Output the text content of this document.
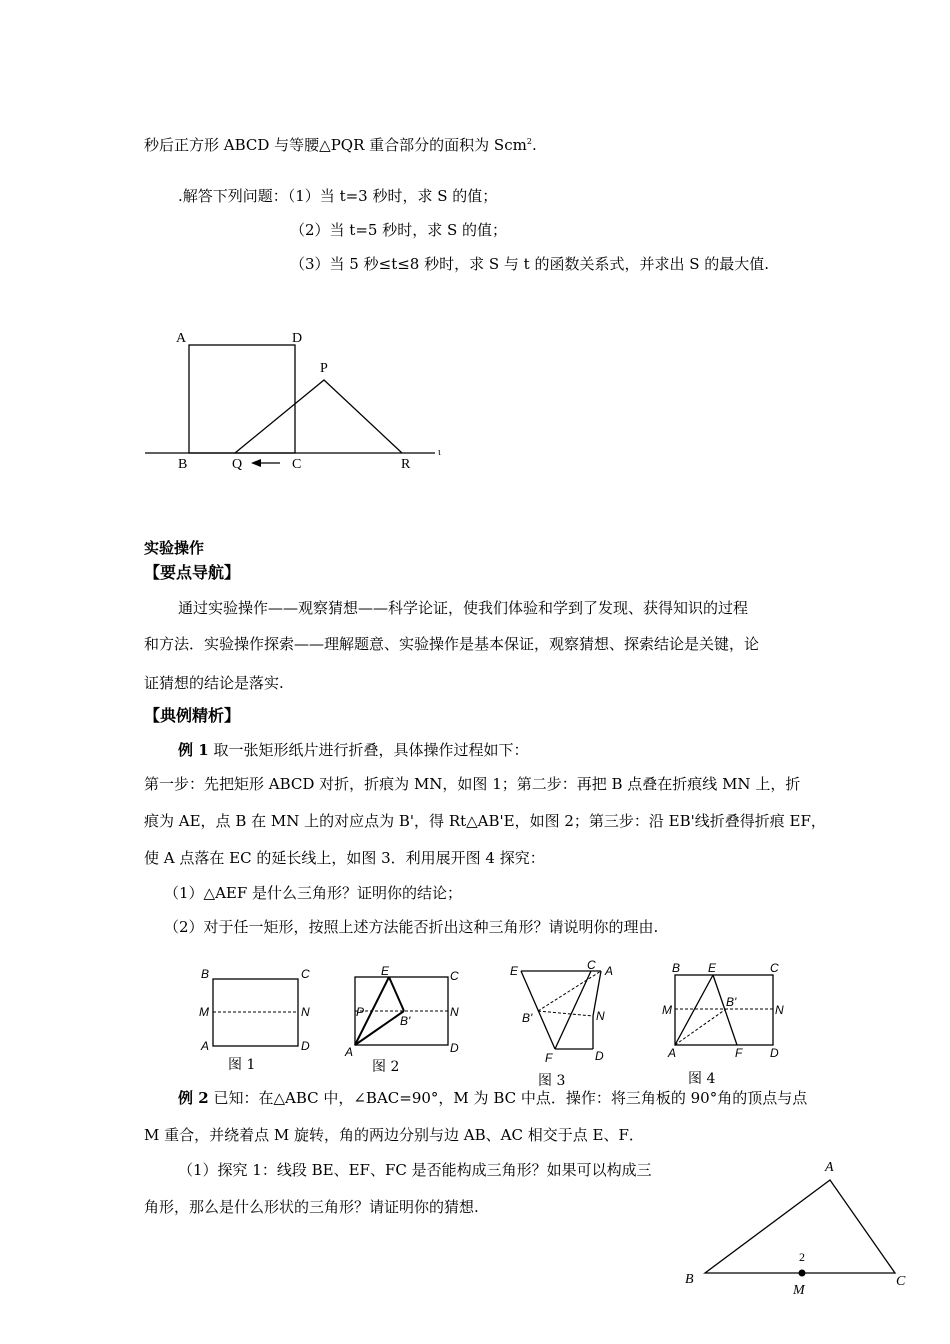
秒后正方形 ABCD 与等腰△PQR 重合部分的面积为 Scm$^2$.
.解答下列问题：（1）当 t=3 秒时，求 S 的值；
（2）当 t=5 秒时，求 S 的值；
（3）当 5 秒≤t≤8 秒时，求 S 与 t 的函数关系式，并求出 S 的最大值.
A	D
P
B	Q	C	R
ι
实验操作
【要点导航】
通过实验操作——观察猜想——科学论证，使我们体验和学到了发现、获得知识的过程
和方法．实验操作探索——理解题意、实验操作是基本保证，观察猜想、探索结论是关键，论
证猜想的结论是落实.
【典例精析】
例 1 取一张矩形纸片进行折叠，具体操作过程如下：
第一步：先把矩形 ABCD 对折，折痕为 MN，如图 1；第二步：再把 B 点叠在折痕线 MN 上，折
痕为 AE，点 B 在 MN 上的对应点为 B'，得 Rt△AB'E，如图 2；第三步：沿 EB'线折叠得折痕 EF，
使 A 点落在 EC 的延长线上，如图 3．利用展开图 4 探究：
（1）△AEF 是什么三角形？证明你的结论；
（2）对于任一矩形，按照上述方法能否折出这种三角形？请说明你的理由.
B	C
M	N
A	D
图 1
E	C
P
B'
N
A	D
图 2
E	C A
B'	N
F	D
图 3
B E	C
M
B'
N
A	F D
图 4
例 2 已知：在△ABC 中，∠BAC=90°，M 为 BC 中点．操作：将三角板的 90°角的顶点与点
M 重合，并绕着点 M 旋转，角的两边分别与边 AB、AC 相交于点 E、F．
（1）探究 1：线段 BE、EF、FC 是否能构成三角形？如果可以构成三
角形，那么是什么形状的三角形？请证明你的猜想.
A
B	C
M
2
